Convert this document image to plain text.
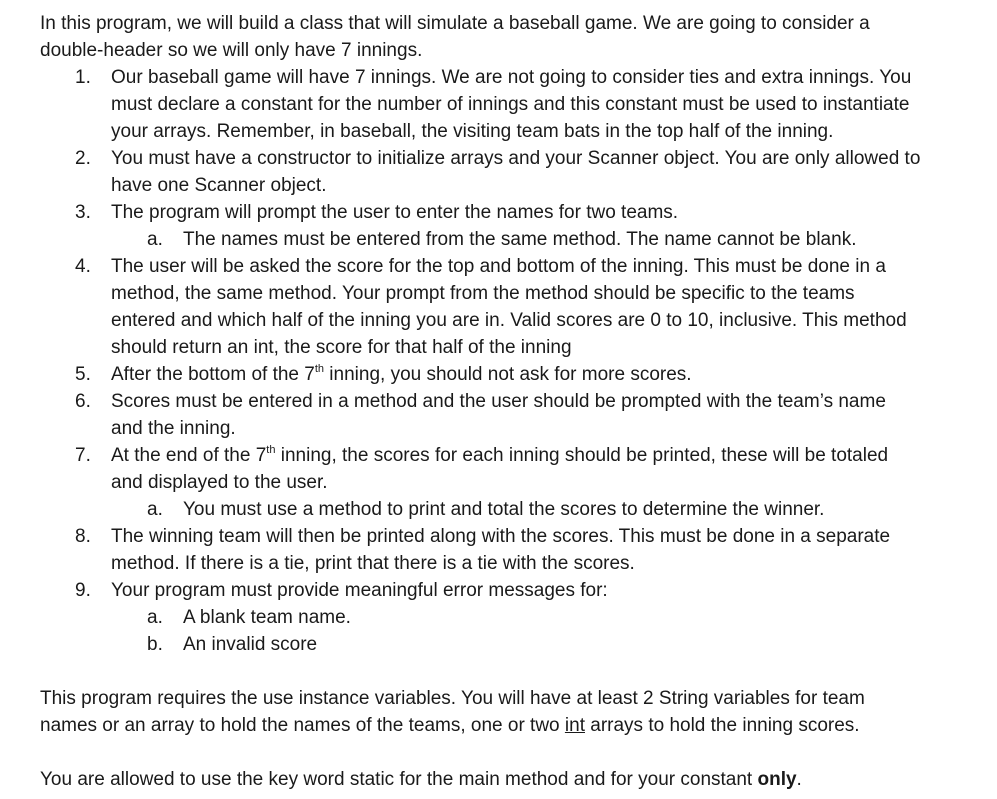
In this program, we will build a class that will simulate a baseball game. We are going to consider a
double-header so we will only have 7 innings.
1. Our baseball game will have 7 innings. We are not going to consider ties and extra innings. You
must declare a constant for the number of innings and this constant must be used to instantiate
your arrays. Remember, in baseball, the visiting team bats in the top half of the inning.
2. You must have a constructor to initialize arrays and your Scanner object. You are only allowed to
have one Scanner object.
3. The program will prompt the user to enter the names for two teams.
a. The names must be entered from the same method. The name cannot be blank.
4. The user will be asked the score for the top and bottom of the inning. This must be done in a
method, the same method. Your prompt from the method should be specific to the teams
entered and which half of the inning you are in. Valid scores are 0 to 10, inclusive. This method
should return an int, the score for that half of the inning
5. After the bottom of the 7th inning, you should not ask for more scores.
6. Scores must be entered in a method and the user should be prompted with the team’s name
and the inning.
7. At the end of the 7th inning, the scores for each inning should be printed, these will be totaled
and displayed to the user.
a. You must use a method to print and total the scores to determine the winner.
8. The winning team will then be printed along with the scores. This must be done in a separate
method. If there is a tie, print that there is a tie with the scores.
9. Your program must provide meaningful error messages for:
a. A blank team name.
b. An invalid score
This program requires the use instance variables. You will have at least 2 String variables for team
names or an array to hold the names of the teams, one or two int arrays to hold the inning scores.
You are allowed to use the key word static for the main method and for your constant only.
